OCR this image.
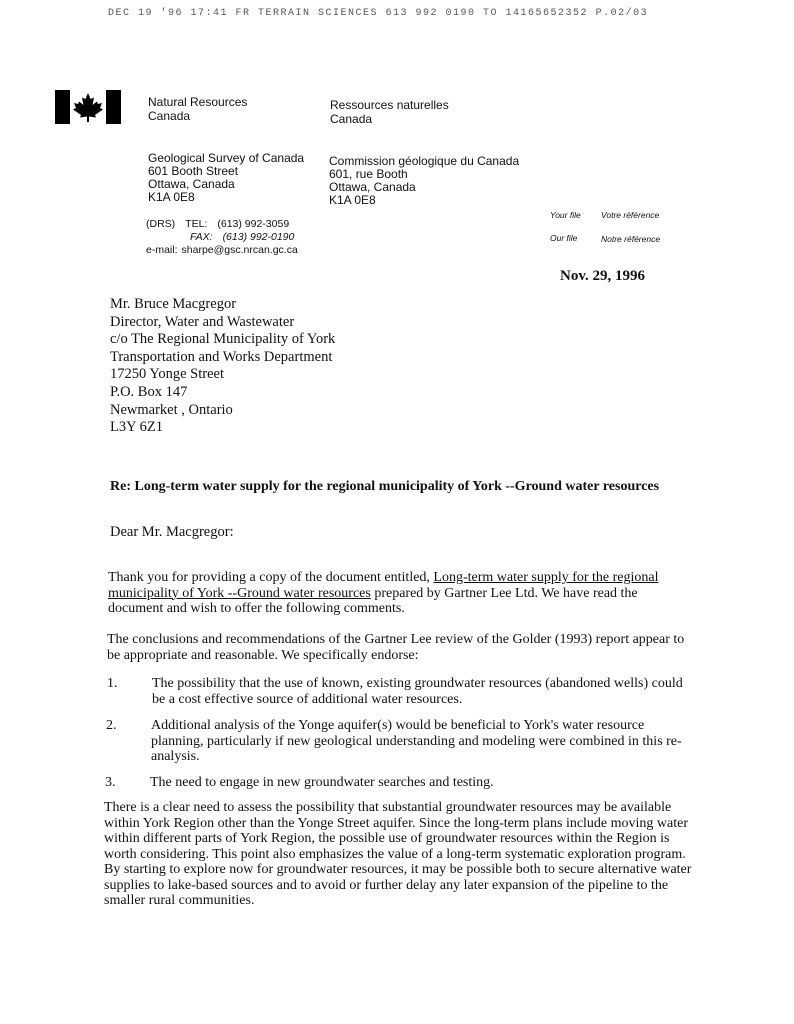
DEC 19 '96 17:41 FR TERRAIN SCIENCES 613 992 0190 TO 14165652352 P.02/03
Natural Resources
Canada
Ressources naturelles
Canada
Geological Survey of Canada
601 Booth Street
Ottawa, Canada
K1A 0E8
Commission géologique du Canada
601, rue Booth
Ottawa, Canada
K1A 0E8
(DRS) TEL: (613) 992-3059
FAX: (613) 992-0190
e-mail: sharpe@gsc.nrcan.gc.ca
Your file Votre référence
Our file	Notre référence
Nov. 29, 1996
Mr. Bruce Macgregor
Director, Water and Wastewater
c/o The Regional Municipality of York
Transportation and Works Department
17250 Yonge Street
P.O. Box 147
Newmarket , Ontario
L3Y 6Z1
Re: Long-term water supply for the regional municipality of York --Ground water resources
Dear Mr. Macgregor:
Thank you for providing a copy of the document entitled, Long-term water supply for the regional municipality of York --Ground water resources prepared by Gartner Lee Ltd. We have read the document and wish to offer the following comments.
The conclusions and recommendations of the Gartner Lee review of the Golder (1993) report appear to be appropriate and reasonable. We specifically endorse:
1. The possibility that the use of known, existing groundwater resources (abandoned wells) could be a cost effective source of additional water resources.
2. Additional analysis of the Yonge aquifer(s) would be beneficial to York's water resource planning, particularly if new geological understanding and modeling were combined in this re-analysis.
3. The need to engage in new groundwater searches and testing.
There is a clear need to assess the possibility that substantial groundwater resources may be available within York Region other than the Yonge Street aquifer. Since the long-term plans include moving water within different parts of York Region, the possible use of groundwater resources within the Region is worth considering. This point also emphasizes the value of a long-term systematic exploration program. By starting to explore now for groundwater resources, it may be possible both to secure alternative water supplies to lake-based sources and to avoid or further delay any later expansion of the pipeline to the smaller rural communities.
